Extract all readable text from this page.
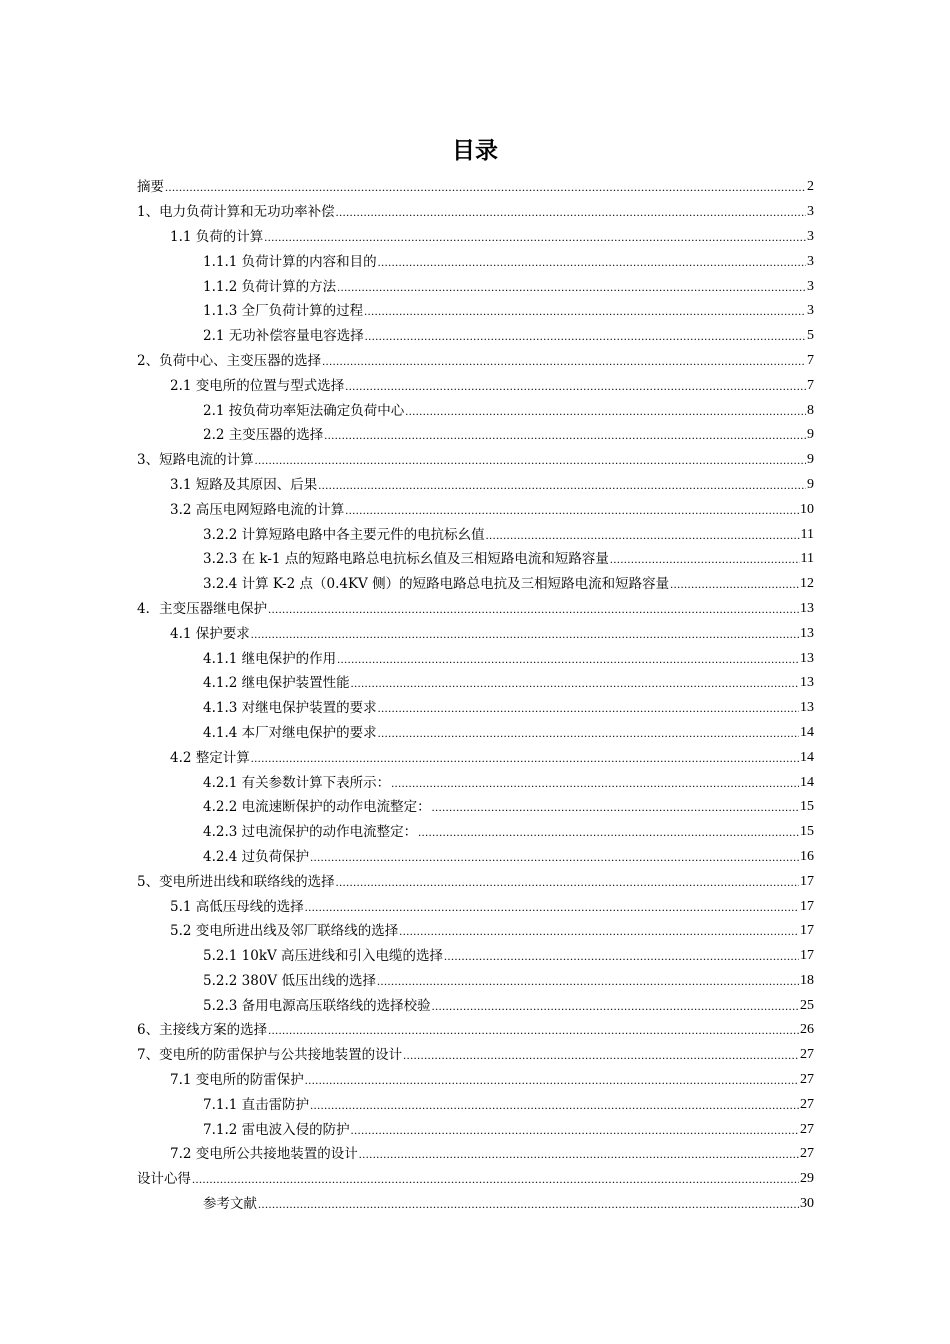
目录
摘要 .....	2
1、电力负荷计算和无功功率补偿 .....	3
1.1 负荷的计算 .....	3
1.1.1 负荷计算的内容和目的 .....	3
1.1.2 负荷计算的方法 .....	3
1.1.3 全厂负荷计算的过程 .....	3
2.1 无功补偿容量电容选择 .....	5
2、负荷中心、主变压器的选择 .....	7
2.1 变电所的位置与型式选择 .....	7
2.1 按负荷功率矩法确定负荷中心 .....	8
2.2 主变压器的选择 .....	9
3、短路电流的计算 .....	9
3.1 短路及其原因、后果 .....	9
3.2 高压电网短路电流的计算 .....	10
3.2.2 计算短路电路中各主要元件的电抗标幺值 .....	11
3.2.3 在 k-1 点的短路电路总电抗标幺值及三相短路电流和短路容量 .....	11
3.2.4 计算 K-2 点（0.4KV 侧）的短路电路总电抗及三相短路电流和短路容量 .....	12
4．主变压器继电保护 .....	13
4.1 保护要求 .....	13
4.1.1 继电保护的作用 .....	13
4.1.2 继电保护装置性能 .....	13
4.1.3 对继电保护装置的要求 .....	13
4.1.4 本厂对继电保护的要求 .....	14
4.2 整定计算 .....	14
4.2.1 有关参数计算下表所示： .....	14
4.2.2 电流速断保护的动作电流整定： .....	15
4.2.3 过电流保护的动作电流整定： .....	15
4.2.4 过负荷保护 .....	16
5、变电所进出线和联络线的选择 .....	17
5.1 高低压母线的选择 .....	17
5.2 变电所进出线及邻厂联络线的选择 .....	17
5.2.1 10kV 高压进线和引入电缆的选择 .....	17
5.2.2 380V 低压出线的选择 .....	18
5.2.3 备用电源高压联络线的选择校验 .....	25
6、主接线方案的选择 .....	26
7、变电所的防雷保护与公共接地装置的设计 .....	27
7.1 变电所的防雷保护 .....	27
7.1.1 直击雷防护 .....	27
7.1.2 雷电波入侵的防护 .....	27
7.2 变电所公共接地装置的设计 .....	27
设计心得 .....	29
参考文献 .....	30
